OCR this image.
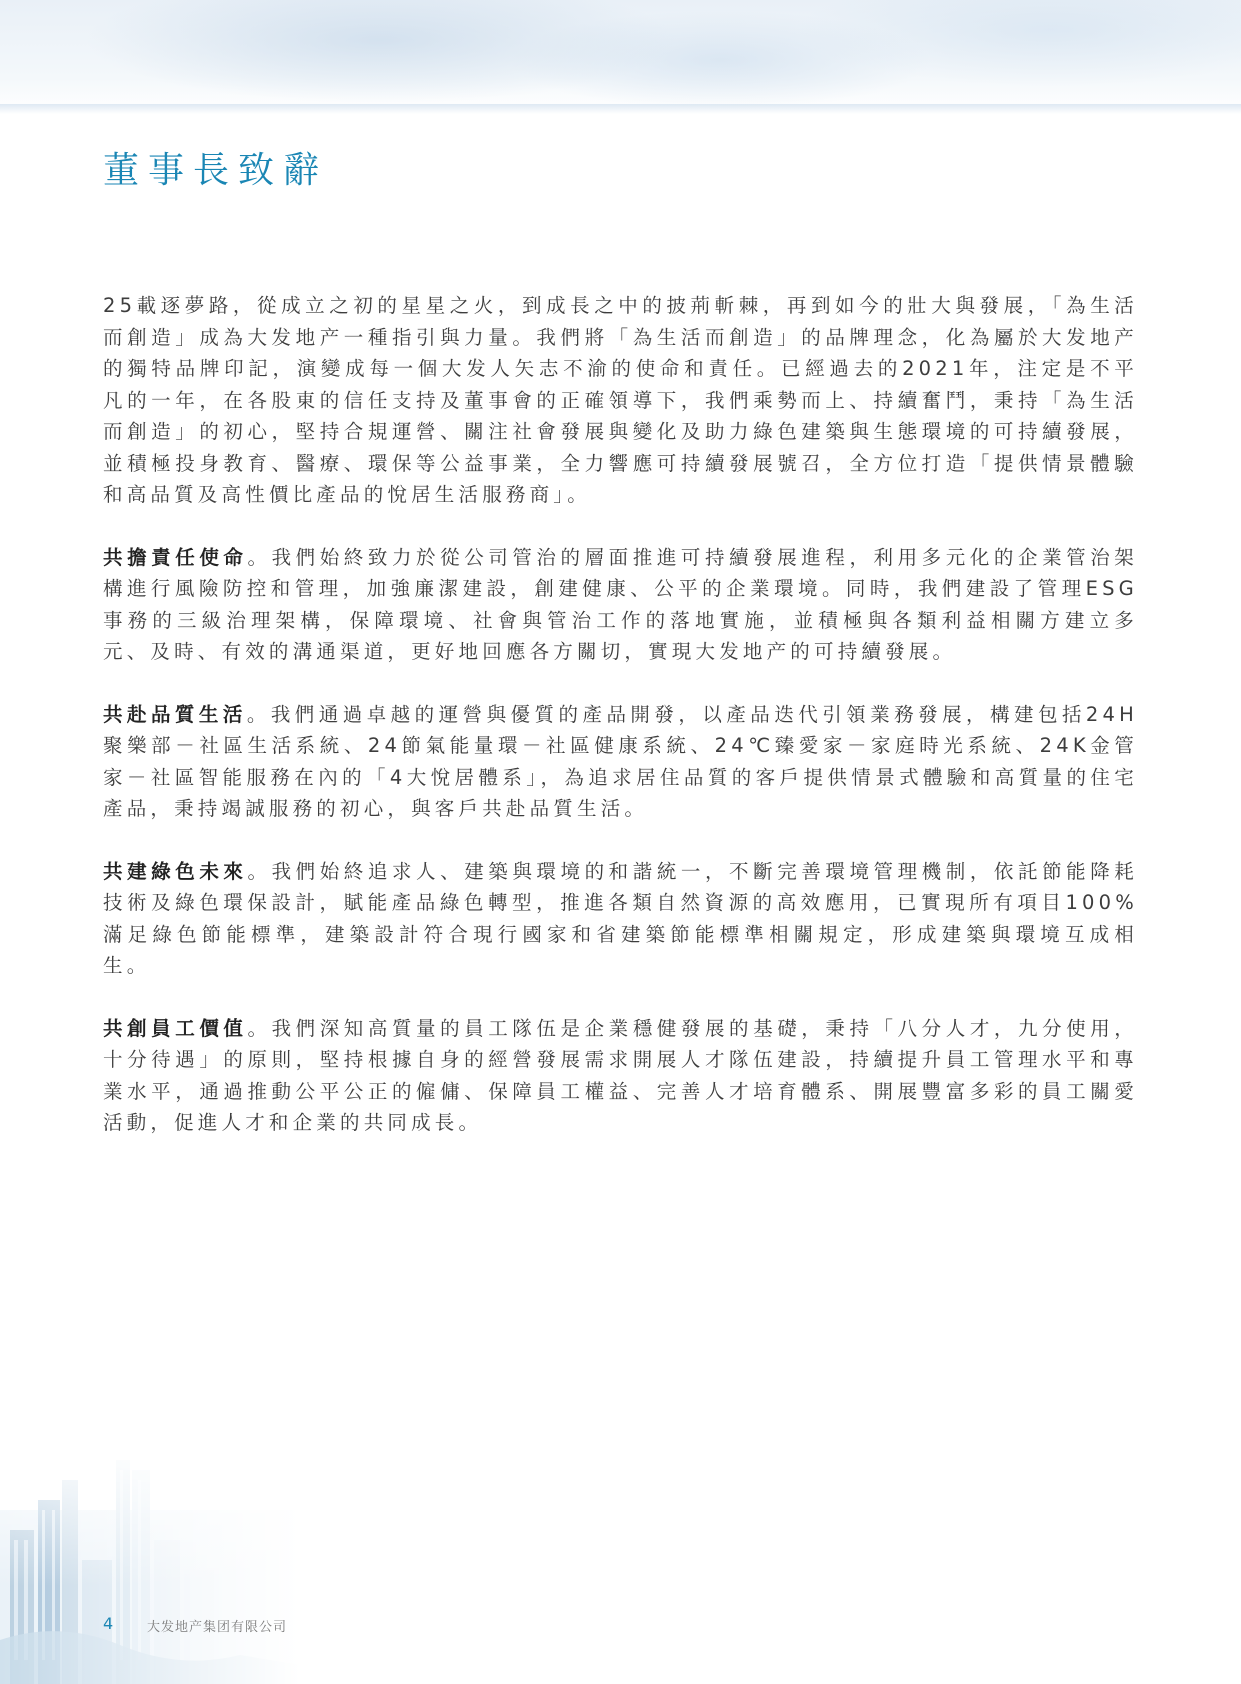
董事長致辭

25載逐夢路，從成立之初的星星之火，到成長之中的披荊斬棘，再到如今的壯大與發展，「為生活而創造」成為大发地产一種指引與力量。我們將「為生活而創造」的品牌理念，化為屬於大发地产的獨特品牌印記，演變成每一個大发人矢志不渝的使命和責任。已經過去的2021年，注定是不平凡的一年，在各股東的信任支持及董事會的正確領導下，我們乘勢而上、持續奮鬥，秉持「為生活而創造」的初心，堅持合規運營、關注社會發展與變化及助力綠色建築與生態環境的可持續發展，並積極投身教育、醫療、環保等公益事業，全力響應可持續發展號召，全方位打造「提供情景體驗和高品質及高性價比產品的悅居生活服務商」。

共擔責任使命。我們始終致力於從公司管治的層面推進可持續發展進程，利用多元化的企業管治架構進行風險防控和管理，加強廉潔建設，創建健康、公平的企業環境。同時，我們建設了管理ESG事務的三級治理架構，保障環境、社會與管治工作的落地實施，並積極與各類利益相關方建立多元、及時、有效的溝通渠道，更好地回應各方關切，實現大发地产的可持續發展。

共赴品質生活。我們通過卓越的運營與優質的產品開發，以產品迭代引領業務發展，構建包括24H聚樂部－社區生活系統、24節氣能量環－社區健康系統、24℃臻愛家－家庭時光系統、24K金管家－社區智能服務在內的「4大悅居體系」，為追求居住品質的客戶提供情景式體驗和高質量的住宅產品，秉持竭誠服務的初心，與客戶共赴品質生活。

共建綠色未來。我們始終追求人、建築與環境的和諧統一，不斷完善環境管理機制，依託節能降耗技術及綠色環保設計，賦能產品綠色轉型，推進各類自然資源的高效應用，已實現所有項目100%滿足綠色節能標準，建築設計符合現行國家和省建築節能標準相關規定，形成建築與環境互成相生。

共創員工價值。我們深知高質量的員工隊伍是企業穩健發展的基礎，秉持「八分人才，九分使用，十分待遇」的原則，堅持根據自身的經營發展需求開展人才隊伍建設，持續提升員工管理水平和專業水平，通過推動公平公正的僱傭、保障員工權益、完善人才培育體系、開展豐富多彩的員工關愛活動，促進人才和企業的共同成長。

4	大发地产集团有限公司
